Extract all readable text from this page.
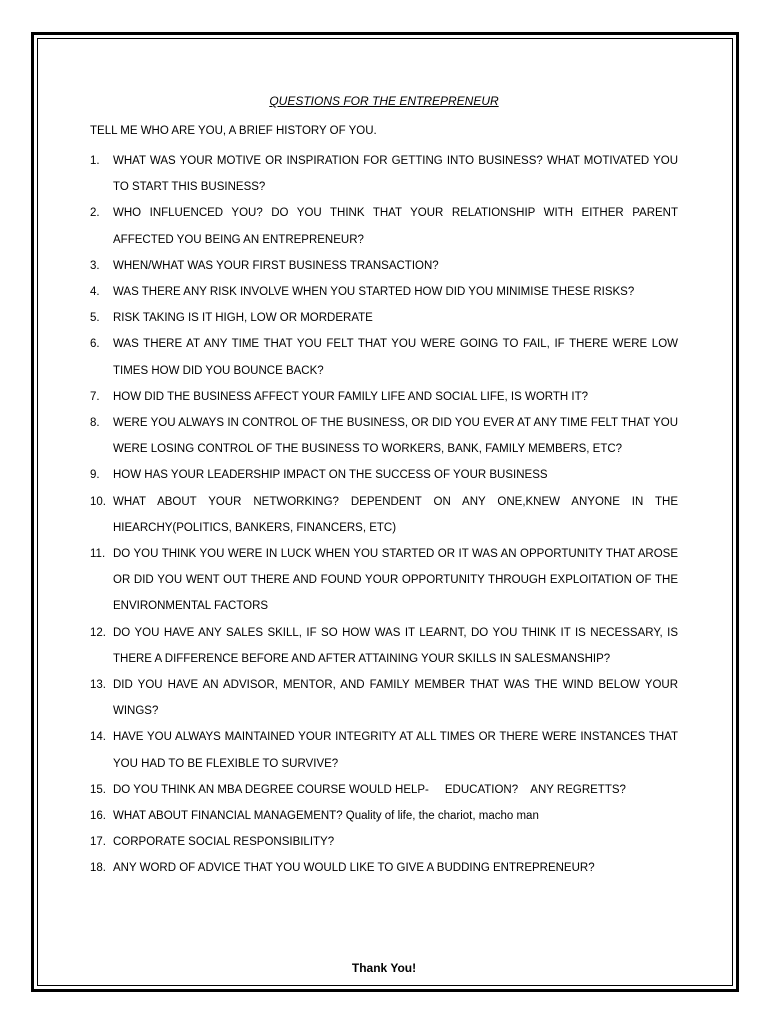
QUESTIONS FOR THE ENTREPRENEUR
TELL ME WHO ARE YOU, A BRIEF HISTORY OF YOU.
1. WHAT WAS YOUR MOTIVE OR INSPIRATION FOR GETTING INTO BUSINESS? WHAT MOTIVATED YOU TO START THIS BUSINESS?
2. WHO INFLUENCED YOU? DO YOU THINK THAT YOUR RELATIONSHIP WITH EITHER PARENT AFFECTED YOU BEING AN ENTREPRENEUR?
3. WHEN/WHAT WAS YOUR FIRST BUSINESS TRANSACTION?
4. WAS THERE ANY RISK INVOLVE WHEN YOU STARTED HOW DID YOU MINIMISE THESE RISKS?
5. RISK TAKING IS IT HIGH, LOW OR MORDERATE
6. WAS THERE AT ANY TIME THAT YOU FELT THAT YOU WERE GOING TO FAIL, IF THERE WERE LOW TIMES HOW DID YOU BOUNCE BACK?
7. HOW DID THE BUSINESS AFFECT YOUR FAMILY LIFE AND SOCIAL LIFE, IS WORTH IT?
8. WERE YOU ALWAYS IN CONTROL OF THE BUSINESS, OR DID YOU EVER AT ANY TIME FELT THAT YOU WERE LOSING CONTROL OF THE BUSINESS TO WORKERS, BANK, FAMILY MEMBERS, ETC?
9. HOW HAS YOUR LEADERSHIP IMPACT ON THE SUCCESS OF YOUR BUSINESS
10. WHAT ABOUT YOUR NETWORKING? DEPENDENT ON ANY ONE,KNEW ANYONE IN THE HIEARCHY(POLITICS, BANKERS, FINANCERS, ETC)
11. DO YOU THINK YOU WERE IN LUCK WHEN YOU STARTED OR IT WAS AN OPPORTUNITY THAT AROSE OR DID YOU WENT OUT THERE AND FOUND YOUR OPPORTUNITY THROUGH EXPLOITATION OF THE ENVIRONMENTAL FACTORS
12. DO YOU HAVE ANY SALES SKILL, IF SO HOW WAS IT LEARNT, DO YOU THINK IT IS NECESSARY, IS THERE A DIFFERENCE BEFORE AND AFTER ATTAINING YOUR SKILLS IN SALESMANSHIP?
13. DID YOU HAVE AN ADVISOR, MENTOR, AND FAMILY MEMBER THAT WAS THE WIND BELOW YOUR WINGS?
14. HAVE YOU ALWAYS MAINTAINED YOUR INTEGRITY AT ALL TIMES OR THERE WERE INSTANCES THAT YOU HAD TO BE FLEXIBLE TO SURVIVE?
15. DO YOU THINK AN MBA DEGREE COURSE WOULD HELP-     EDUCATION?    ANY REGRETTS?
16. WHAT ABOUT FINANCIAL MANAGEMENT? Quality of life, the chariot, macho man
17. CORPORATE SOCIAL RESPONSIBILITY?
18. ANY WORD OF ADVICE THAT YOU WOULD LIKE TO GIVE A BUDDING ENTREPRENEUR?
Thank You!
